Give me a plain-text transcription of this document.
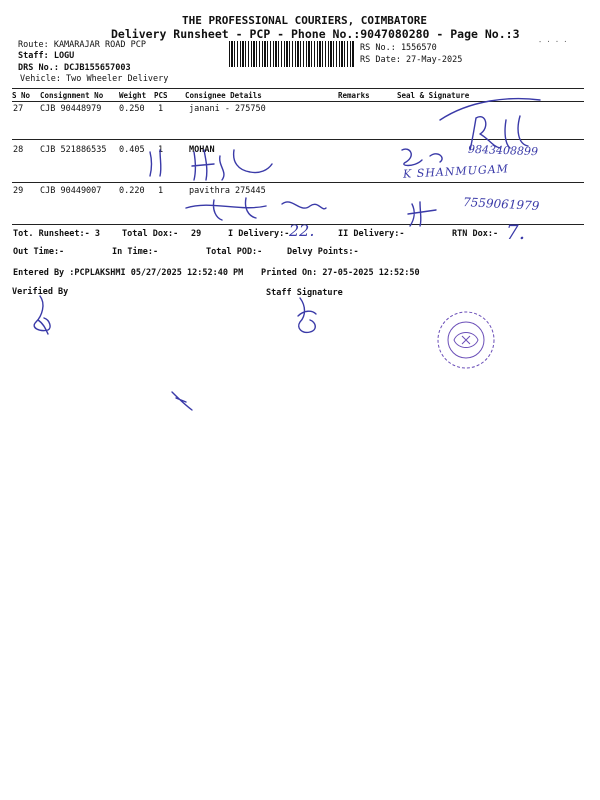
THE PROFESSIONAL COURIERS, COIMBATORE
Delivery Runsheet - PCP - Phone No.:9047080280 - Page No.:3
- · · ·
Route: KAMARAJAR ROAD PCP
Staff: LOGU
DRS No.: DCJB155657003
Vehicle: Two Wheeler Delivery
RS No.: 1556570
RS Date: 27-May-2025
S No Consignment No Weight PCS Consignee Details	Remarks	Seal & Signature
27 CJB 90448979 0.250 1	janani - 275750
28 CJB 521886535 0.405 1	MOHAN
29 CJB 90449007 0.220 1	pavithra 275445
Tot. Runsheet:- 3	Total Dox:- 29	I Delivery:-	II Delivery:-	RTN Dox:-
Out Time:-	In Time:-	Total POD:-	Delvy Points:-
Entered By :PCPLAKSHMI 05/27/2025 12:52:40 PM Printed On: 27-05-2025 12:52:50
Verified By	Staff Signature
22.	7.
K SHANMUGAM
9843408899
7559061979
